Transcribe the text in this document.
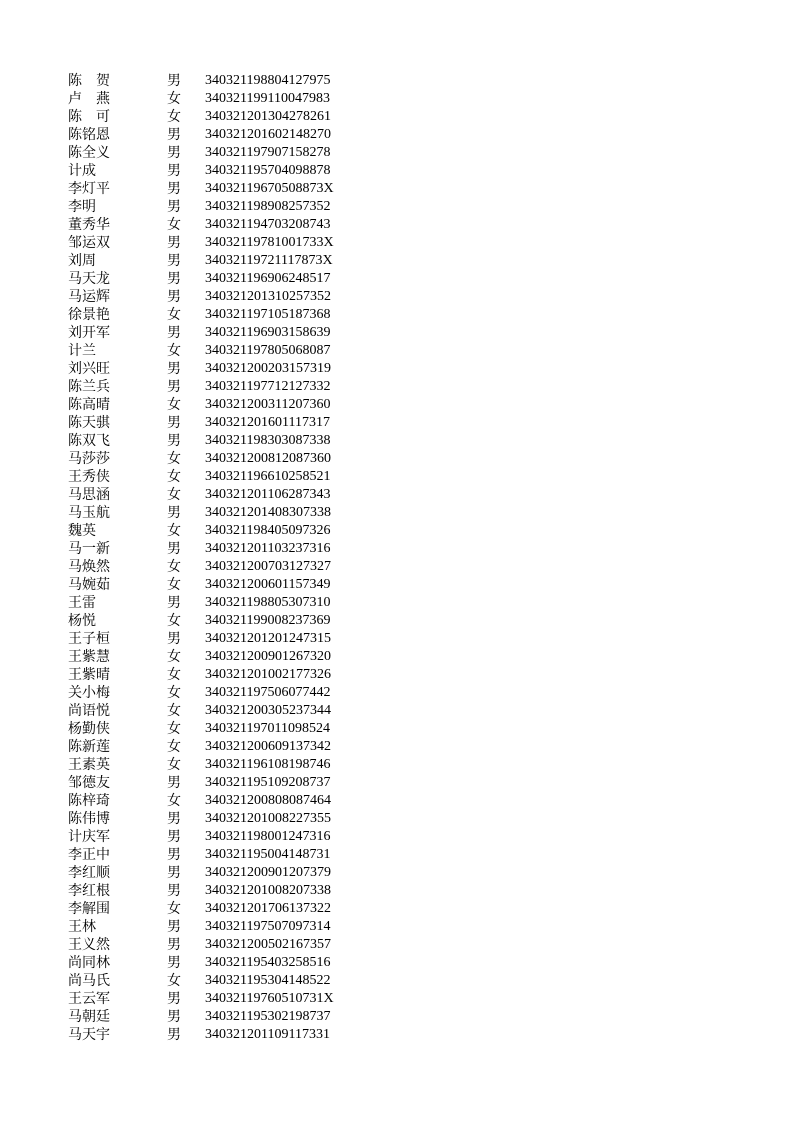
陈　贺	男	340321198804127975
卢　燕	女	340321199110047983
陈　可	女	340321201304278261
陈铭恩	男	340321201602148270
陈全义	男	340321197907158278
计成	男	340321195704098878
李灯平	男	34032119670508873X
李明	男	340321198908257352
董秀华	女	340321194703208743
邹运双	男	34032119781001733X
刘周	男	34032119721117873X
马天龙	男	340321196906248517
马运辉	男	340321201310257352
徐景艳	女	340321197105187368
刘开军	男	340321196903158639
计兰	女	340321197805068087
刘兴旺	男	340321200203157319
陈兰兵	男	340321197712127332
陈高晴	女	340321200311207360
陈天骐	男	340321201601117317
陈双飞	男	340321198303087338
马莎莎	女	340321200812087360
王秀侠	女	340321196610258521
马思涵	女	340321201106287343
马玉航	男	340321201408307338
魏英	女	340321198405097326
马一新	男	340321201103237316
马焕然	女	340321200703127327
马婉茹	女	340321200601157349
王雷	男	340321198805307310
杨悦	女	340321199008237369
王子桓	男	340321201201247315
王紫慧	女	340321200901267320
王紫晴	女	340321201002177326
关小梅	女	340321197506077442
尚语悦	女	340321200305237344
杨勤侠	女	340321197011098524
陈新莲	女	340321200609137342
王素英	女	340321196108198746
邹德友	男	340321195109208737
陈梓琦	女	340321200808087464
陈伟博	男	340321201008227355
计庆军	男	340321198001247316
李正中	男	340321195004148731
李红顺	男	340321200901207379
李红根	男	340321201008207338
李解围	女	340321201706137322
王林	男	340321197507097314
王义然	男	340321200502167357
尚同林	男	340321195403258516
尚马氏	女	340321195304148522
王云军	男	34032119760510731X
马朝廷	男	340321195302198737
马天宇	男	340321201109117331
